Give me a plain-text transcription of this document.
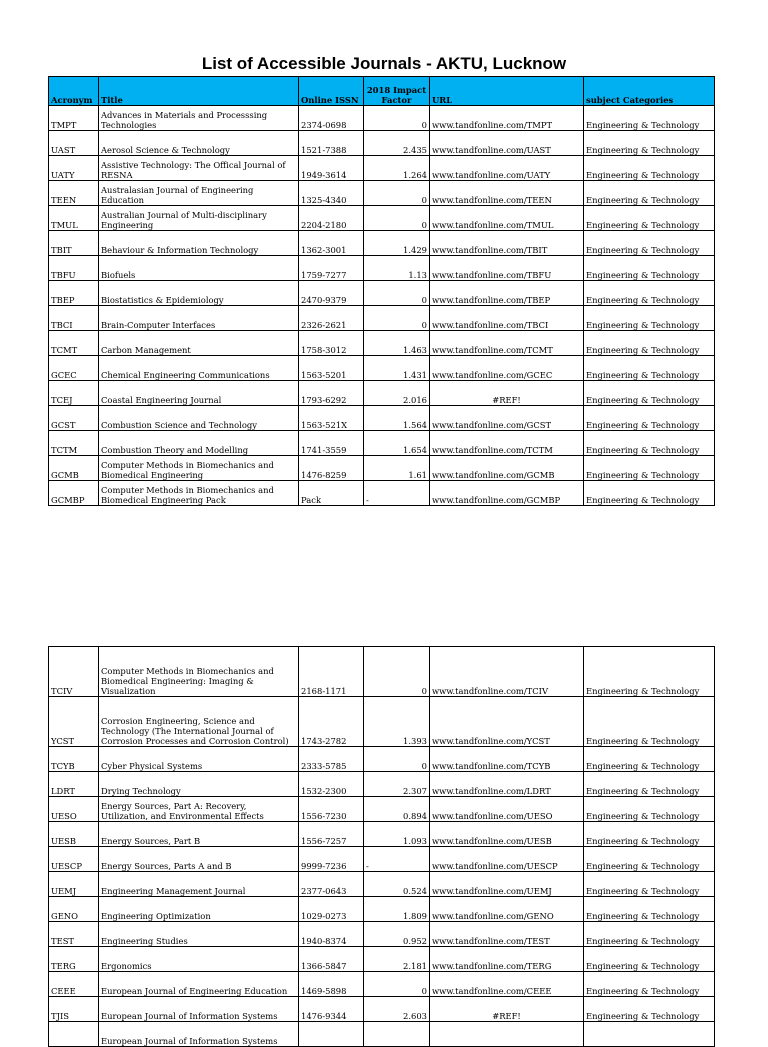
List of Accessible Journals - AKTU, Lucknow
Acronym	Title	Online ISSN	2018 Impact Factor	URL	subject Categories
TMPT	Advances in Materials and Processsing Technologies	2374-0698	0	www.tandfonline.com/TMPT	Engineering & Technology
UAST	Aerosol Science & Technology	1521-7388	2.435	www.tandfonline.com/UAST	Engineering & Technology
UATY	Assistive Technology: The Offical Journal of RESNA	1949-3614	1.264	www.tandfonline.com/UATY	Engineering & Technology
TEEN	Australasian Journal of Engineering Education	1325-4340	0	www.tandfonline.com/TEEN	Engineering & Technology
TMUL	Australian Journal of Multi-disciplinary Engineering	2204-2180	0	www.tandfonline.com/TMUL	Engineering & Technology
TBIT	Behaviour & Information Technology	1362-3001	1.429	www.tandfonline.com/TBIT	Engineering & Technology
TBFU	Biofuels	1759-7277	1.13	www.tandfonline.com/TBFU	Engineering & Technology
TBEP	Biostatistics & Epidemiology	2470-9379	0	www.tandfonline.com/TBEP	Engineering & Technology
TBCI	Brain-Computer Interfaces	2326-2621	0	www.tandfonline.com/TBCI	Engineering & Technology
TCMT	Carbon Management	1758-3012	1.463	www.tandfonline.com/TCMT	Engineering & Technology
GCEC	Chemical Engineering Communications	1563-5201	1.431	www.tandfonline.com/GCEC	Engineering & Technology
TCEJ	Coastal Engineering Journal	1793-6292	2.016	#REF!	Engineering & Technology
GCST	Combustion Science and Technology	1563-521X	1.564	www.tandfonline.com/GCST	Engineering & Technology
TCTM	Combustion Theory and Modelling	1741-3559	1.654	www.tandfonline.com/TCTM	Engineering & Technology
GCMB	Computer Methods in Biomechanics and Biomedical Engineering	1476-8259	1.61	www.tandfonline.com/GCMB	Engineering & Technology
GCMBP	Computer Methods in Biomechanics and Biomedical Engineering Pack	Pack	-	www.tandfonline.com/GCMBP	Engineering & Technology
TCIV	Computer Methods in Biomechanics and Biomedical Engineering: Imaging & Visualization	2168-1171	0	www.tandfonline.com/TCIV	Engineering & Technology
YCST	Corrosion Engineering, Science and Technology (The International Journal of Corrosion Processes and Corrosion Control)	1743-2782	1.393	www.tandfonline.com/YCST	Engineering & Technology
TCYB	Cyber Physical Systems	2333-5785	0	www.tandfonline.com/TCYB	Engineering & Technology
LDRT	Drying Technology	1532-2300	2.307	www.tandfonline.com/LDRT	Engineering & Technology
UESO	Energy Sources, Part A: Recovery, Utilization, and Environmental Effects	1556-7230	0.894	www.tandfonline.com/UESO	Engineering & Technology
UESB	Energy Sources, Part B	1556-7257	1.093	www.tandfonline.com/UESB	Engineering & Technology
UESCP	Energy Sources, Parts A and B	9999-7236	-	www.tandfonline.com/UESCP	Engineering & Technology
UEMJ	Engineering Management Journal	2377-0643	0.524	www.tandfonline.com/UEMJ	Engineering & Technology
GENO	Engineering Optimization	1029-0273	1.809	www.tandfonline.com/GENO	Engineering & Technology
TEST	Engineering Studies	1940-8374	0.952	www.tandfonline.com/TEST	Engineering & Technology
TERG	Ergonomics	1366-5847	2.181	www.tandfonline.com/TERG	Engineering & Technology
CEEE	European Journal of Engineering Education	1469-5898	0	www.tandfonline.com/CEEE	Engineering & Technology
TJIS	European Journal of Information Systems	1476-9344	2.603	#REF!	Engineering & Technology
	European Journal of Information Systems				
